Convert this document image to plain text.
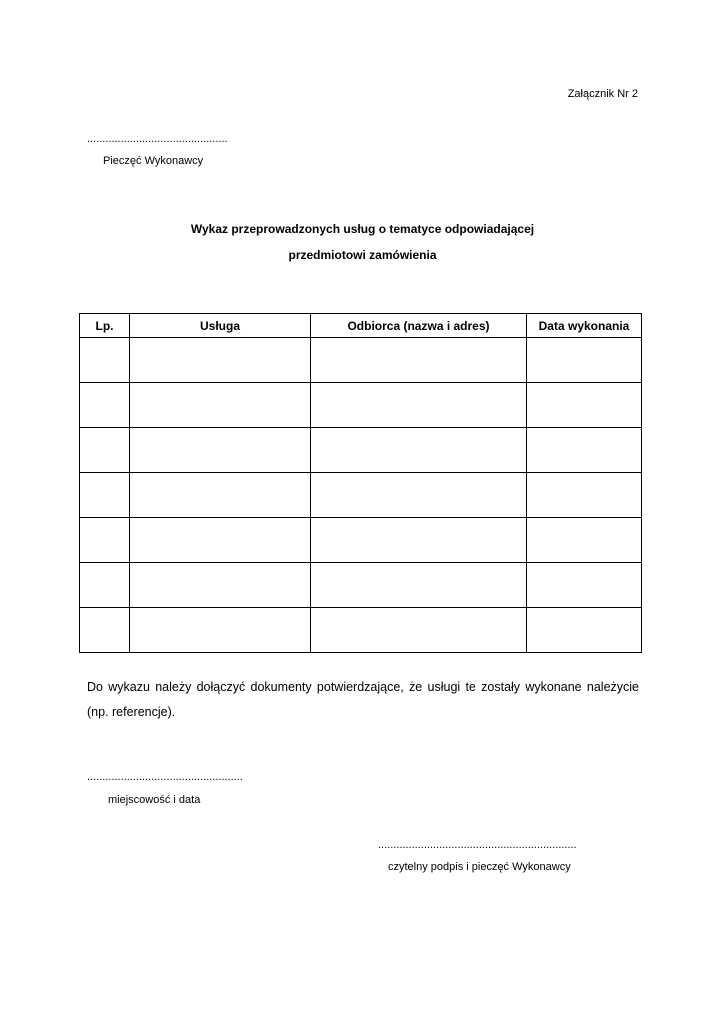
Załącznik Nr 2
..............................................
Pieczęć Wykonawcy
Wykaz przeprowadzonych usług o tematyce odpowiadającej
przedmiotowi zamówienia
Lp.	Usługa	Odbiorca (nazwa i adres)	Data wykonania

Do wykazu należy dołączyć dokumenty potwierdzające, że usługi te zostały wykonane należycie (np. referencje).
...................................................
miejscowość i data
.................................................................
czytelny podpis i pieczęć Wykonawcy
